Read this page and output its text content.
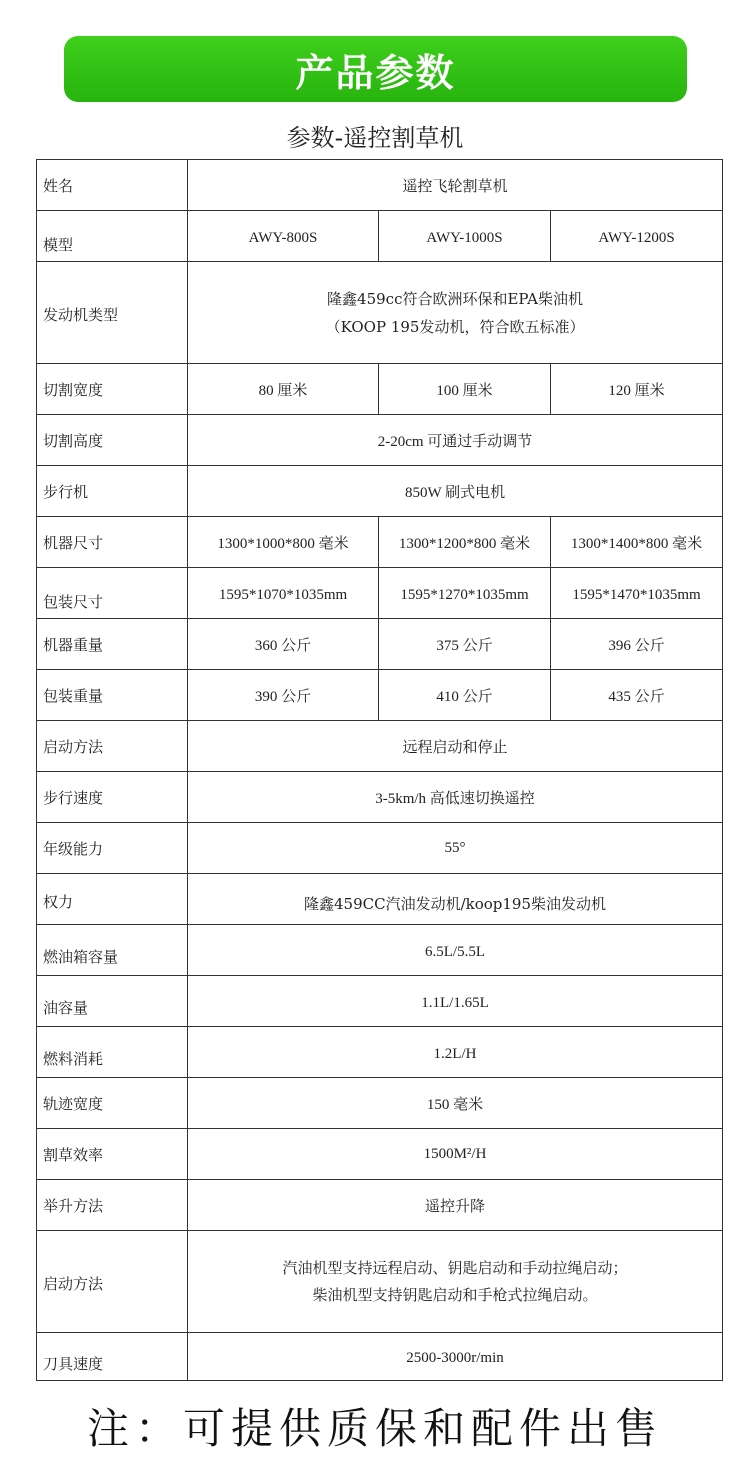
产品参数
参数-遥控割草机
姓名	遥控飞轮割草机		
模型	AWY-800S	AWY-1000S	AWY-1200S
发动机类型	隆鑫459cc符合欧洲环保和EPA柴油机
（KOOP 195发动机，符合欧五标准）		

切割宽度	80 厘米	100 厘米	120 厘米
切割高度	2-20cm 可通过手动调节		
步行机	850W 刷式电机		
机器尺寸	1300*1000*800 毫米	1300*1200*800 毫米	1300*1400*800 毫米
包装尺寸	1595*1070*1035mm	1595*1270*1035mm	1595*1470*1035mm
机器重量	360 公斤	375 公斤	396 公斤
包装重量	390 公斤	410 公斤	435 公斤
启动方法	远程启动和停止		
步行速度	3-5km/h 高低速切换遥控		
年级能力	55°		
权力	隆鑫459CC汽油发动机/koop195柴油发动机		
燃油箱容量	6.5L/5.5L		
油容量	1.1L/1.65L		
燃料消耗	1.2L/H		
轨迹宽度	150 毫米		
割草效率	1500M²/H		
举升方法	遥控升降		
启动方法	汽油机型支持远程启动、钥匙启动和手动拉绳启动；
柴油机型支持钥匙启动和手枪式拉绳启动。		

刀具速度	2500-3000r/min		
注：可提供质保和配件出售
